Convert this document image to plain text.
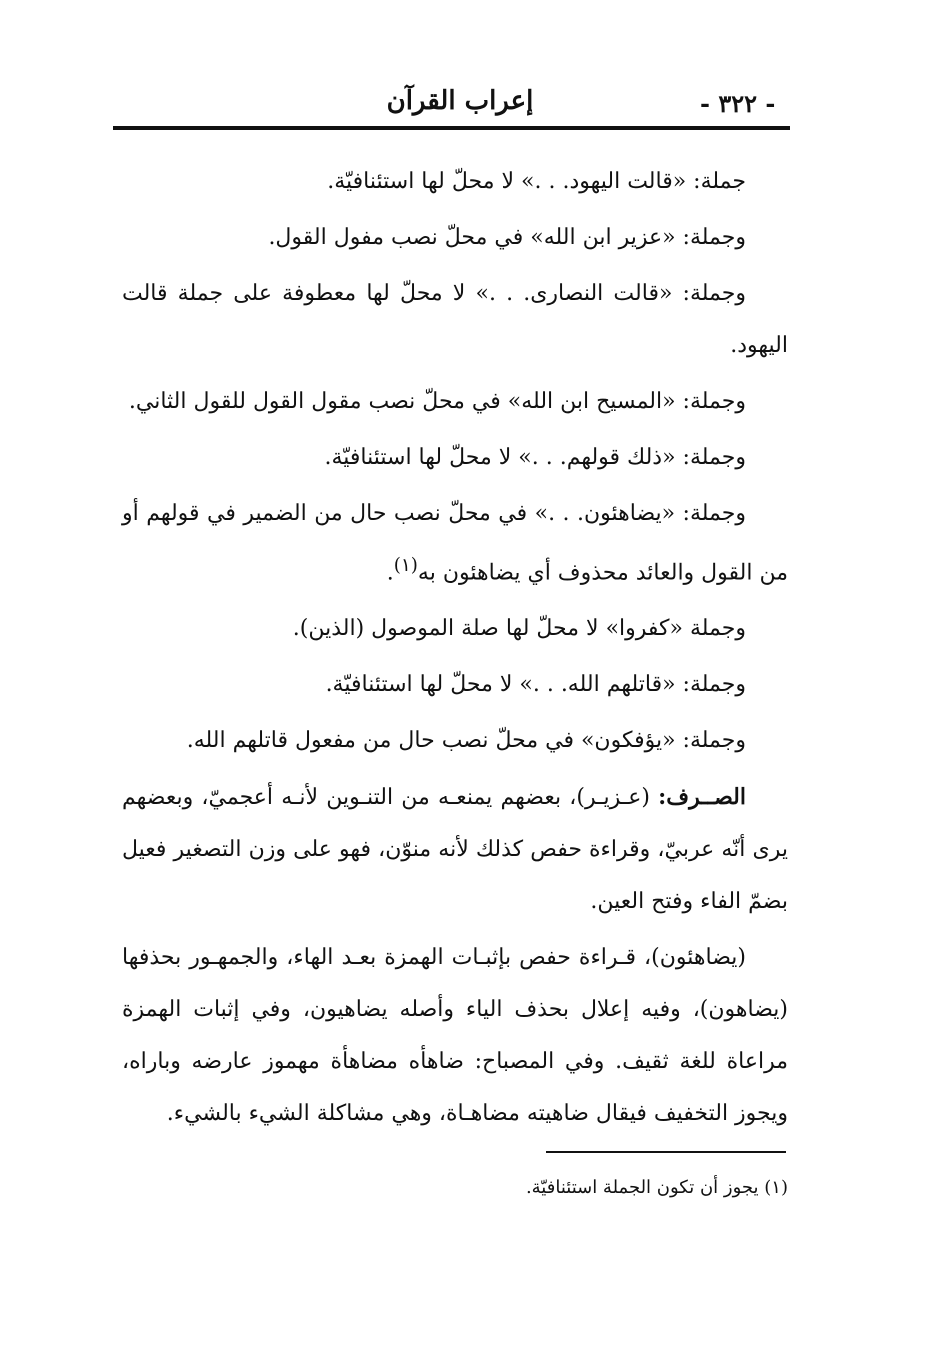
- ٣٢٢ -
إعراب القرآن

جملة: «قالت اليهود. . .» لا محلّ لها استئنافيّة.

وجملة: «عزير ابن الله» في محلّ نصب مفول القول.

وجملة: «قالت النصارى. . .» لا محلّ لها معطوفة على جملة قالت اليهود.

وجملة: «المسيح ابن الله» في محلّ نصب مقول القول للقول الثاني.

وجملة: «ذلك قولهم. . .» لا محلّ لها استئنافيّة.

وجملة: «يضاهئون. . .» في محلّ نصب حال من الضمير في قولهم أو من القول والعائد محذوف أي يضاهئون به$^{(١)}$.

وجملة «كفروا» لا محلّ لها صلة الموصول (الذين).

وجملة: «قاتلهم الله. . .» لا محلّ لها استئنافيّة.

وجملة: «يؤفكون» في محلّ نصب حال من مفعول قاتلهم الله.

الصــرف: (عـزيـر)، بعضهم يمنعـه من التنـوين لأنـه أعجميّ، وبعضهم يرى أنّه عربيّ، وقراءة حفص كذلك لأنه منوّن، فهو على وزن التصغير فعيل بضمّ الفاء وفتح العين.

(يضاهئون)، قـراءة حفص بإثبـات الهمزة بعـد الهاء، والجمهـور بحذفها (يضاهون)، وفيه إعلال بحذف الياء وأصله يضاهيون، وفي إثبات الهمزة مراعاة للغة ثقيف. وفي المصباح: ضاهأه مضاهأة مهموز عارضه وباراه، ويجوز التخفيف فيقال ضاهيته مضاهـاة، وهي مشاكلة الشيء بالشيء.

(١) يجوز أن تكون الجملة استئنافيّة.
